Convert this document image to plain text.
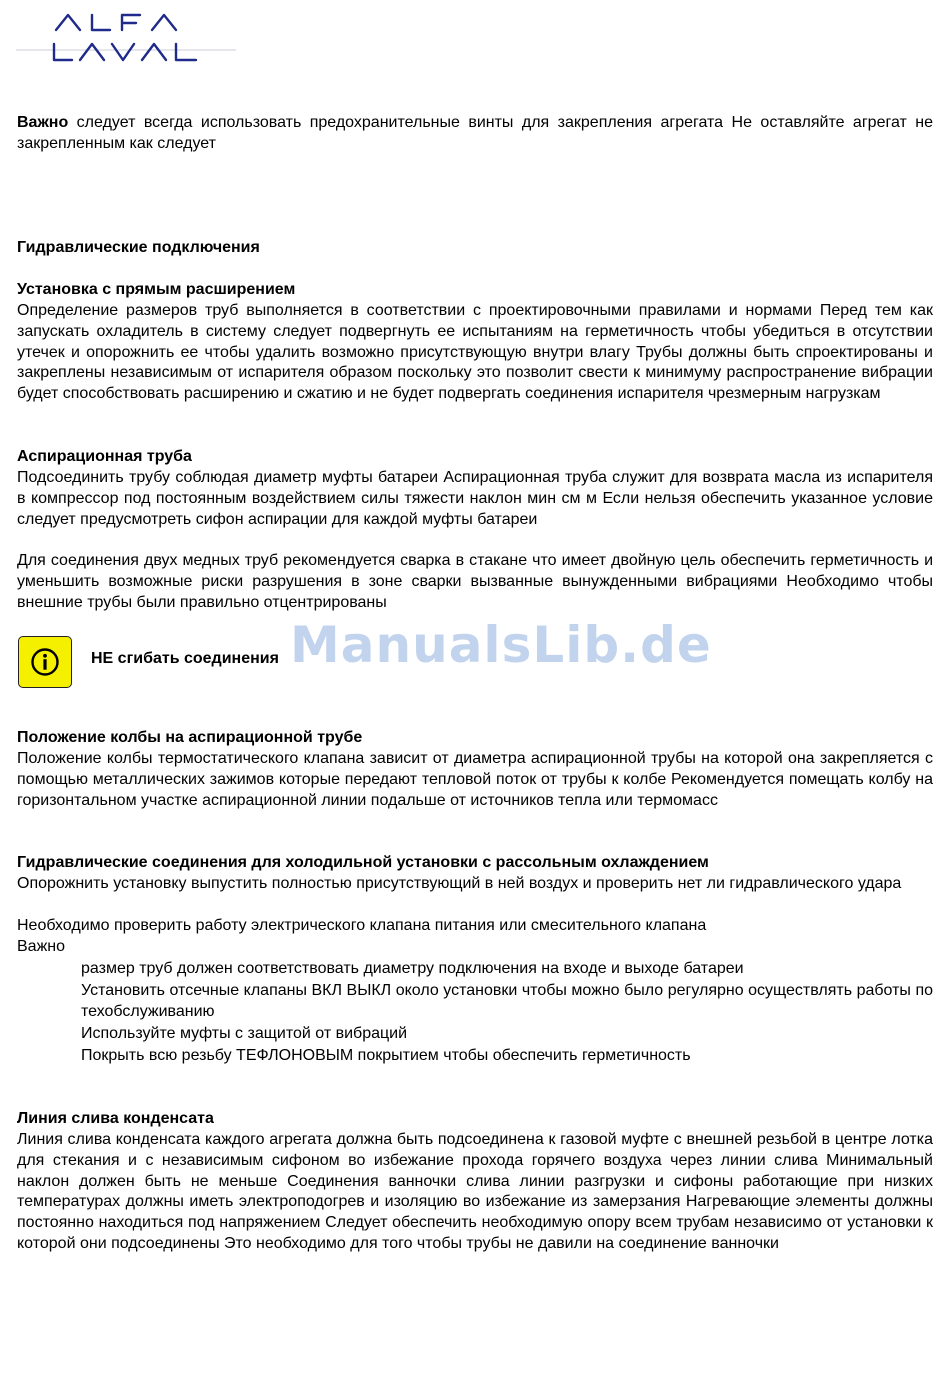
Важно следует всегда использовать предохранительные винты для закрепления агрегата Не оставляйте агрегат не закрепленным как следует
Гидравлические подключения
Установка с прямым расширением
Определение размеров труб выполняется в соответствии с проектировочными правилами и нормами Перед тем как запускать охладитель в систему следует подвергнуть ее испытаниям на герметичность чтобы убедиться в отсутствии утечек и опорожнить ее чтобы удалить возможно присутствующую внутри влагу Трубы должны быть спроектированы и закреплены независимым от испарителя образом поскольку это позволит свести к минимуму распространение вибрации будет способствовать расширению и сжатию и не будет подвергать соединения испарителя чрезмерным нагрузкам
Аспирационная труба
Подсоединить трубу соблюдая диаметр муфты батареи Аспирационная труба служит для возврата масла из испарителя в компрессор под постоянным воздействием силы тяжести наклон мин см м Если нельзя обеспечить указанное условие следует предусмотреть сифон аспирации для каждой муфты батареи
Для соединения двух медных труб рекомендуется сварка в стакане что имеет двойную цель обеспечить герметичность и уменьшить возможные риски разрушения в зоне сварки вызванные вынужденными вибрациями Необходимо чтобы внешние трубы были правильно отцентрированы
НЕ сгибать соединения ManualsLib.de
Положение колбы на аспирационной трубе
Положение колбы термостатического клапана зависит от диаметра аспирационной трубы на которой она закрепляется с помощью металлических зажимов которые передают тепловой поток от трубы к колбе Рекомендуется помещать колбу на горизонтальном участке аспирационной линии подальше от источников тепла или термомасс
Гидравлические соединения для холодильной установки с рассольным охлаждением
Опорожнить установку выпустить полностью присутствующий в ней воздух и проверить нет ли гидравлического удара
Необходимо проверить работу электрического клапана питания или смесительного клапана
Важно
размер труб должен соответствовать диаметру подключения на входе и выходе батареи
Установить отсечные клапаны ВКЛ ВЫКЛ около установки чтобы можно было регулярно осуществлять работы по техобслуживанию
Используйте муфты с защитой от вибраций
Покрыть всю резьбу ТЕФЛОНОВЫМ покрытием чтобы обеспечить герметичность
Линия слива конденсата
Линия слива конденсата каждого агрегата должна быть подсоединена к газовой муфте с внешней резьбой в центре лотка для стекания и с независимым сифоном во избежание прохода горячего воздуха через линии слива Минимальный наклон должен быть не меньше Соединения ванночки слива линии разгрузки и сифоны работающие при низких температурах должны иметь электроподогрев и изоляцию во избежание из замерзания Нагревающие элементы должны постоянно находиться под напряжением Следует обеспечить необходимую опору всем трубам независимо от установки к которой они подсоединены Это необходимо для того чтобы трубы не давили на соединение ванночки
